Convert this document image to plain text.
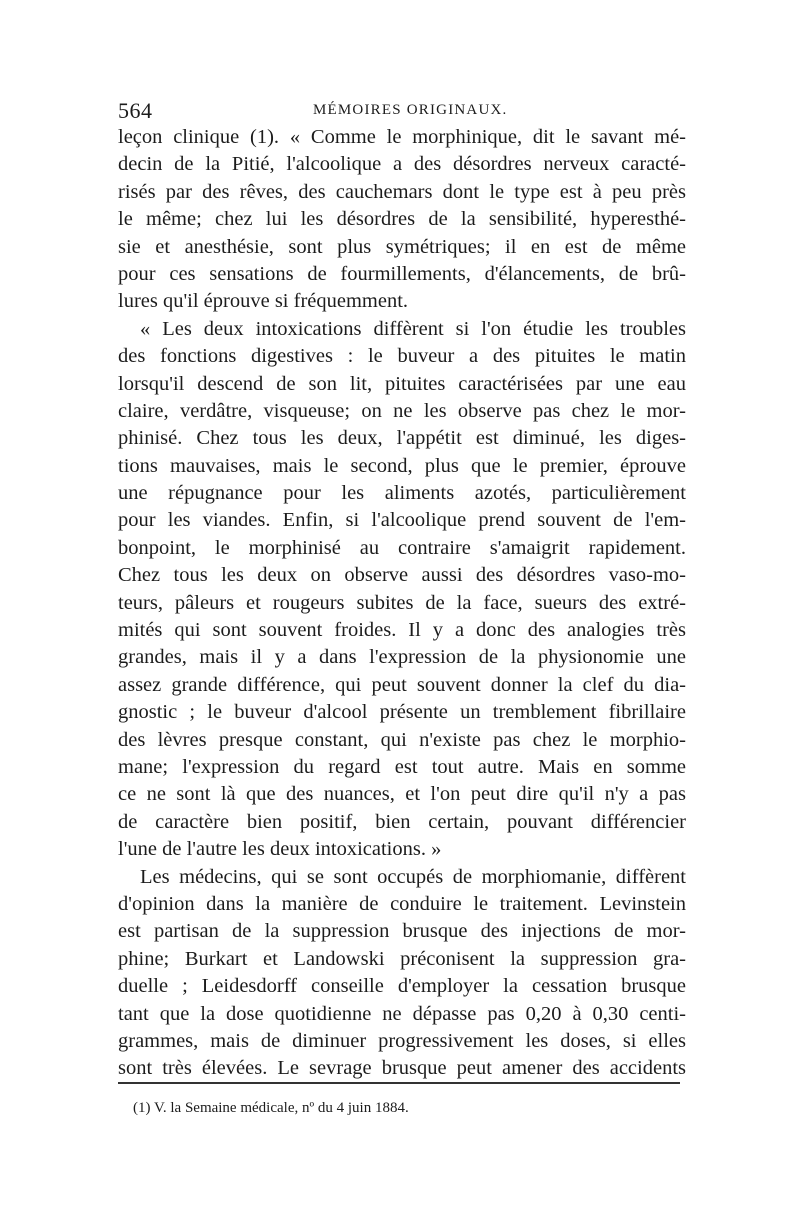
564	MÉMOIRES ORIGINAUX.
leçon clinique (1). « Comme le morphinique, dit le savant mé-
decin de la Pitié, l'alcoolique a des désordres nerveux caracté-
risés par des rêves, des cauchemars dont le type est à peu près
le même; chez lui les désordres de la sensibilité, hyperesthé-
sie et anesthésie, sont plus symétriques; il en est de même
pour ces sensations de fourmillements, d'élancements, de brû-
lures qu'il éprouve si fréquemment.
« Les deux intoxications diffèrent si l'on étudie les troubles
des fonctions digestives : le buveur a des pituites le matin
lorsqu'il descend de son lit, pituites caractérisées par une eau
claire, verdâtre, visqueuse; on ne les observe pas chez le mor-
phinisé. Chez tous les deux, l'appétit est diminué, les diges-
tions mauvaises, mais le second, plus que le premier, éprouve
une répugnance pour les aliments azotés, particulièrement
pour les viandes. Enfin, si l'alcoolique prend souvent de l'em-
bonpoint, le morphinisé au contraire s'amaigrit rapidement.
Chez tous les deux on observe aussi des désordres vaso-mo-
teurs, pâleurs et rougeurs subites de la face, sueurs des extré-
mités qui sont souvent froides. Il y a donc des analogies très
grandes, mais il y a dans l'expression de la physionomie une
assez grande différence, qui peut souvent donner la clef du dia-
gnostic ; le buveur d'alcool présente un tremblement fibrillaire
des lèvres presque constant, qui n'existe pas chez le morphio-
mane; l'expression du regard est tout autre. Mais en somme
ce ne sont là que des nuances, et l'on peut dire qu'il n'y a pas
de caractère bien positif, bien certain, pouvant différencier
l'une de l'autre les deux intoxications. »
Les médecins, qui se sont occupés de morphiomanie, diffèrent
d'opinion dans la manière de conduire le traitement. Levinstein
est partisan de la suppression brusque des injections de mor-
phine; Burkart et Landowski préconisent la suppression gra-
duelle ; Leidesdorff conseille d'employer la cessation brusque
tant que la dose quotidienne ne dépasse pas 0,20 à 0,30 centi-
grammes, mais de diminuer progressivement les doses, si elles
sont très élevées. Le sevrage brusque peut amener des accidents
(1) V. la Semaine médicale, nº du 4 juin 1884.
